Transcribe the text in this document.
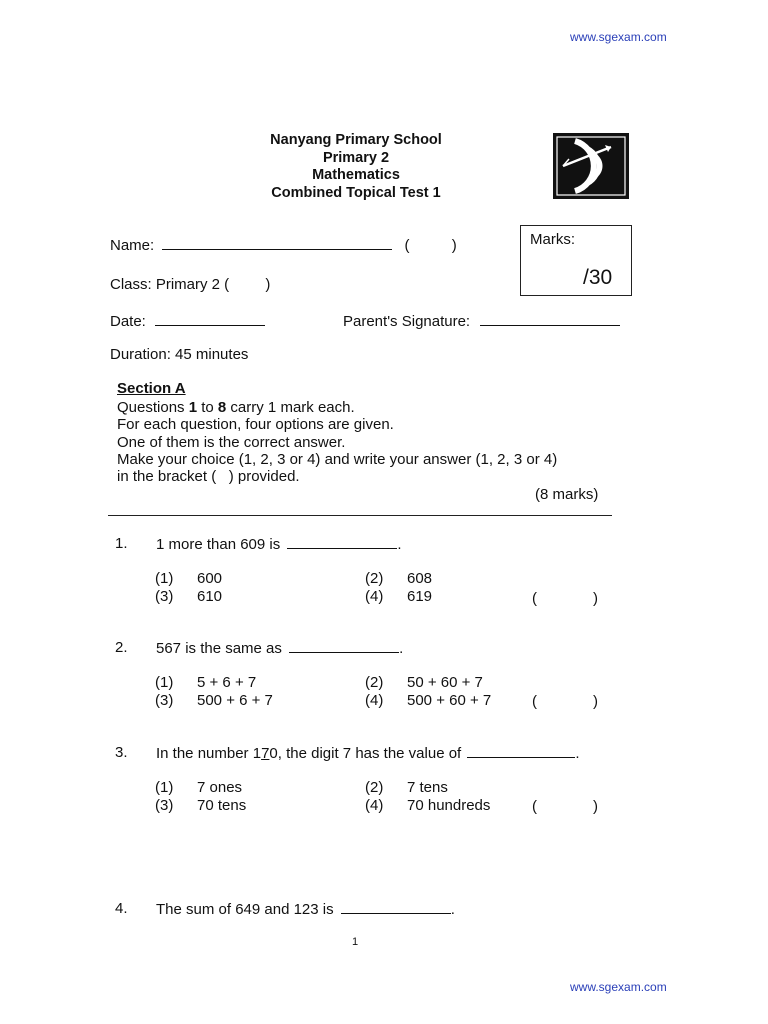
www.sgexam.com
Nanyang Primary School
Primary 2
Mathematics
Combined Topical Test 1
Marks:
/30
Name:	(	)
Class: Primary 2 ( )
Date:	Parent's Signature:
Duration: 45 minutes
Section A
Questions 1 to 8 carry 1 mark each.
For each question, four options are given.
One of them is the correct answer.
Make your choice (1, 2, 3 or 4) and write your answer (1, 2, 3 or 4)
in the bracket (   ) provided.
(8 marks)
1. 1 more than 609 is	.
(1) 600	(2) 608
(3) 610	(4) 619	(	)
2. 567 is the same as	.
(1) 5 + 6 + 7	(2) 50 + 60 + 7
(3) 500 + 6 + 7	(4) 500 + 60 + 7	(	)
3. In the number 170, the digit 7 has the value of	.
(1) 7 ones	(2) 7 tens
(3) 70 tens	(4) 70 hundreds	(	)
4. The sum of 649 and 123 is	.
1
www.sgexam.com
